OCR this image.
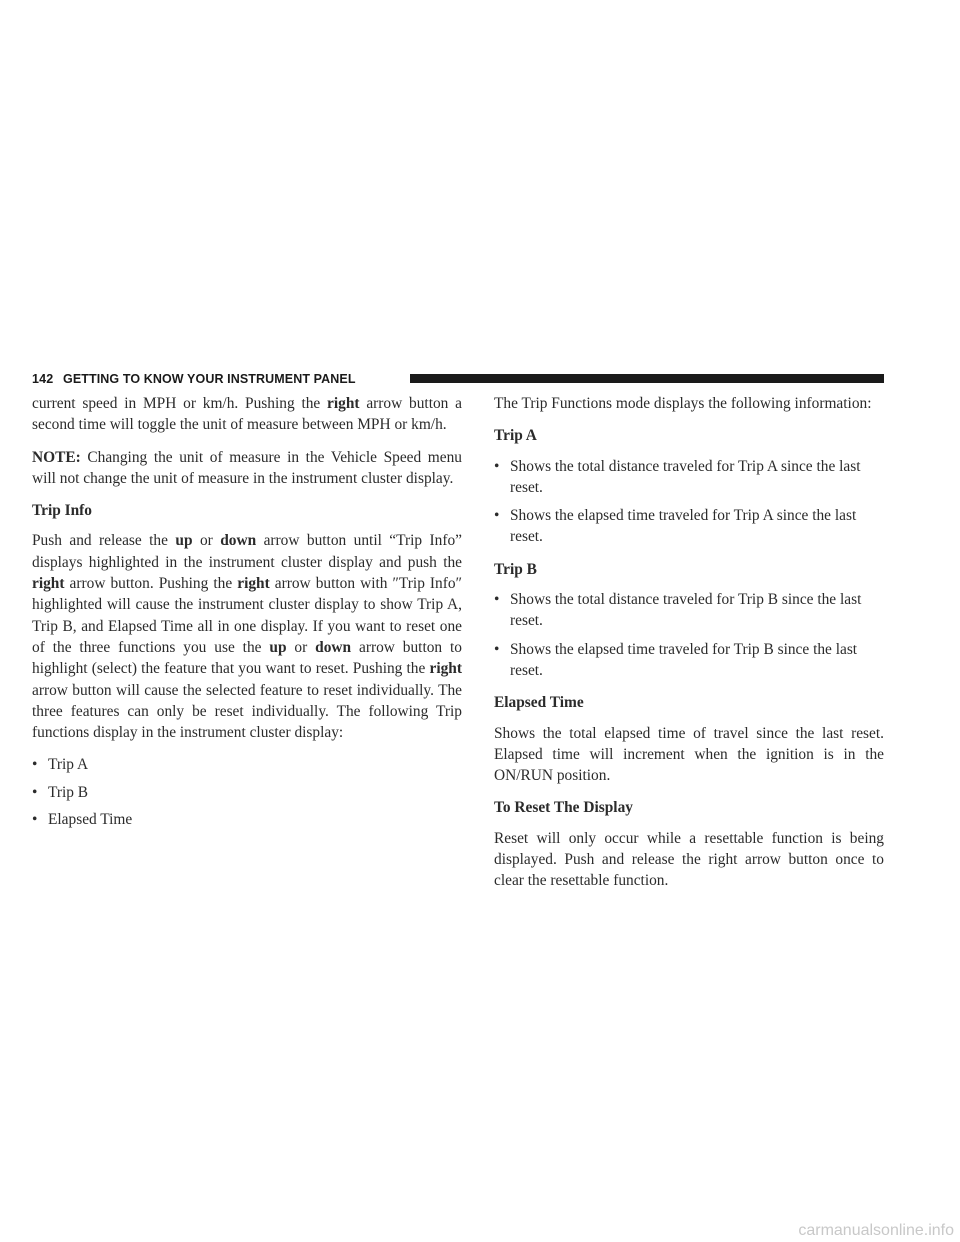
142 GETTING TO KNOW YOUR INSTRUMENT PANEL

current speed in MPH or km/h. Pushing the right arrow button a second time will toggle the unit of measure between MPH or km/h.

NOTE: Changing the unit of measure in the Vehicle Speed menu will not change the unit of measure in the instrument cluster display.

Trip Info

Push and release the up or down arrow button until “Trip Info” displays highlighted in the instrument cluster display and push the right arrow button. Pushing the right arrow button with ″Trip Info″ highlighted will cause the instrument cluster display to show Trip A, Trip B, and Elapsed Time all in one display. If you want to reset one of the three functions you use the up or down arrow button to highlight (select) the feature that you want to reset. Pushing the right arrow button will cause the selected feature to reset individually. The three features can only be reset individually. The following Trip functions display in the instrument cluster display:

• Trip A
• Trip B
• Elapsed Time

The Trip Functions mode displays the following information:

Trip A
• Shows the total distance traveled for Trip A since the last reset.
• Shows the elapsed time traveled for Trip A since the last reset.
Trip B
• Shows the total distance traveled for Trip B since the last reset.
• Shows the elapsed time traveled for Trip B since the last reset.
Elapsed Time

Shows the total elapsed time of travel since the last reset. Elapsed time will increment when the ignition is in the ON/RUN position.

To Reset The Display

Reset will only occur while a resettable function is being displayed. Push and release the right arrow button once to clear the resettable function.

carmanualsonline.info
